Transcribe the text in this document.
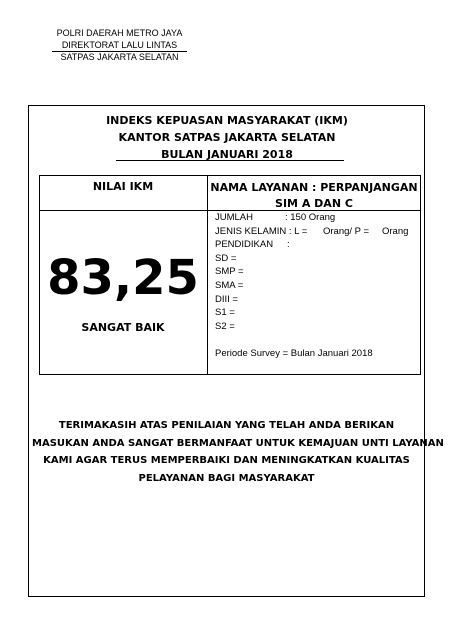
POLRI DAERAH METRO JAYA
DIREKTORAT LALU LINTAS
SATPAS JAKARTA SELATAN
INDEKS KEPUASAN MASYARAKAT (IKM)
KANTOR SATPAS JAKARTA SELATAN
BULAN JANUARI 2018
NILAI IKM	NAMA LAYANAN : PERPANJANGAN
SIM A DAN C
83,25
SANGAT BAIK
JUMLAH	: 150 Orang
JENIS KELAMIN : L = Orang/ P = Orang
PENDIDIKAN :
SD =
SMP =
SMA =
DIII =
S1 =
S2 =
Periode Survey = Bulan Januari 2018
TERIMAKASIH ATAS PENILAIAN YANG TELAH ANDA BERIKAN
MASUKAN ANDA SANGAT BERMANFAAT UNTUK KEMAJUAN UNTI LAYANAN
KAMI AGAR TERUS MEMPERBAIKI DAN MENINGKATKAN KUALITAS
PELAYANAN BAGI MASYARAKAT
